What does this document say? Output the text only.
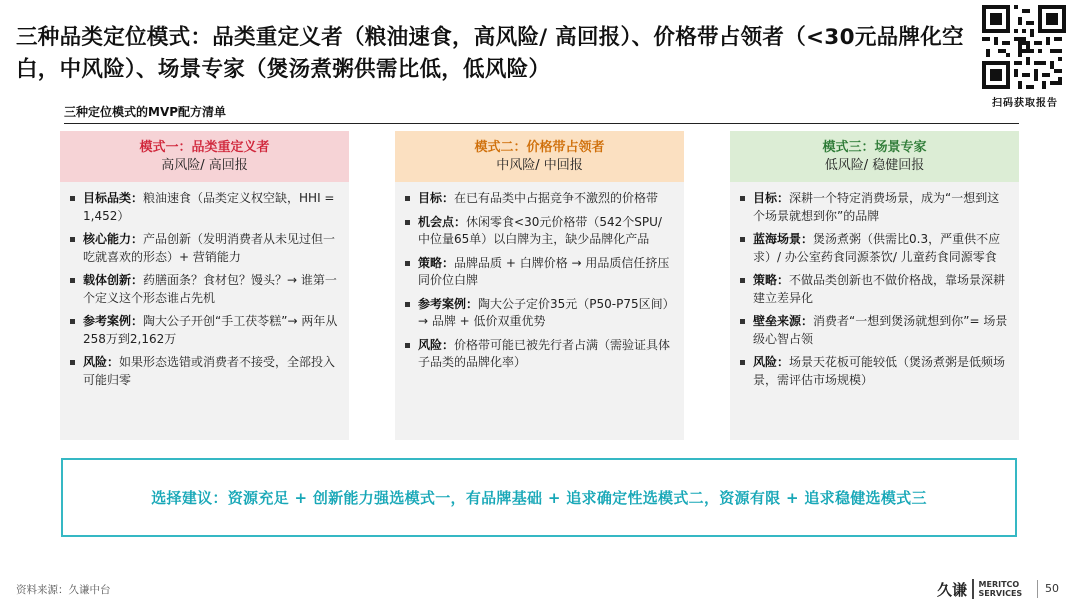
三种品类定位模式：品类重定义者（粮油速食，高风险/ 高回报）、价格带占领者（<30元品牌化空白，中风险）、场景专家（煲汤煮粥供需比低，低风险）
扫码获取报告
三种定位模式的MVP配方清单
模式一：品类重定义者
高风险/ 高回报
目标品类：粮油速食（品类定义权空缺，HHI = 1,452）
核心能力：产品创新（发明消费者从未见过但一吃就喜欢的形态）+ 营销能力
载体创新：药膳面条？食材包？馒头？→ 谁第一个定义这个形态谁占先机
参考案例：陶大公子开创“手工茯苓糕”→ 两年从258万到2,162万
风险：如果形态选错或消费者不接受，全部投入可能归零
模式二：价格带占领者
中风险/ 中回报
目标：在已有品类中占据竞争不激烈的价格带
机会点：休闲零食<30元价格带（542个SPU/ 中位量65单）以白牌为主，缺少品牌化产品
策略：品牌品质 + 白牌价格 → 用品质信任挤压同价位白牌
参考案例：陶大公子定价35元（P50-P75区间）→ 品牌 + 低价双重优势
风险：价格带可能已被先行者占满（需验证具体子品类的品牌化率）
模式三：场景专家
低风险/ 稳健回报
目标：深耕一个特定消费场景，成为“一想到这个场景就想到你”的品牌
蓝海场景：煲汤煮粥（供需比0.3，严重供不应求）/ 办公室药食同源茶饮/ 儿童药食同源零食
策略：不做品类创新也不做价格战，靠场景深耕建立差异化
壁垒来源：消费者“一想到煲汤就想到你”= 场景级心智占领
风险：场景天花板可能较低（煲汤煮粥是低频场景，需评估市场规模）
选择建议：资源充足 + 创新能力强选模式一，有品牌基础 + 追求确定性选模式二，资源有限 + 追求稳健选模式三
资料来源：久谦中台	久谦 MERITCO
SERVICES 50
